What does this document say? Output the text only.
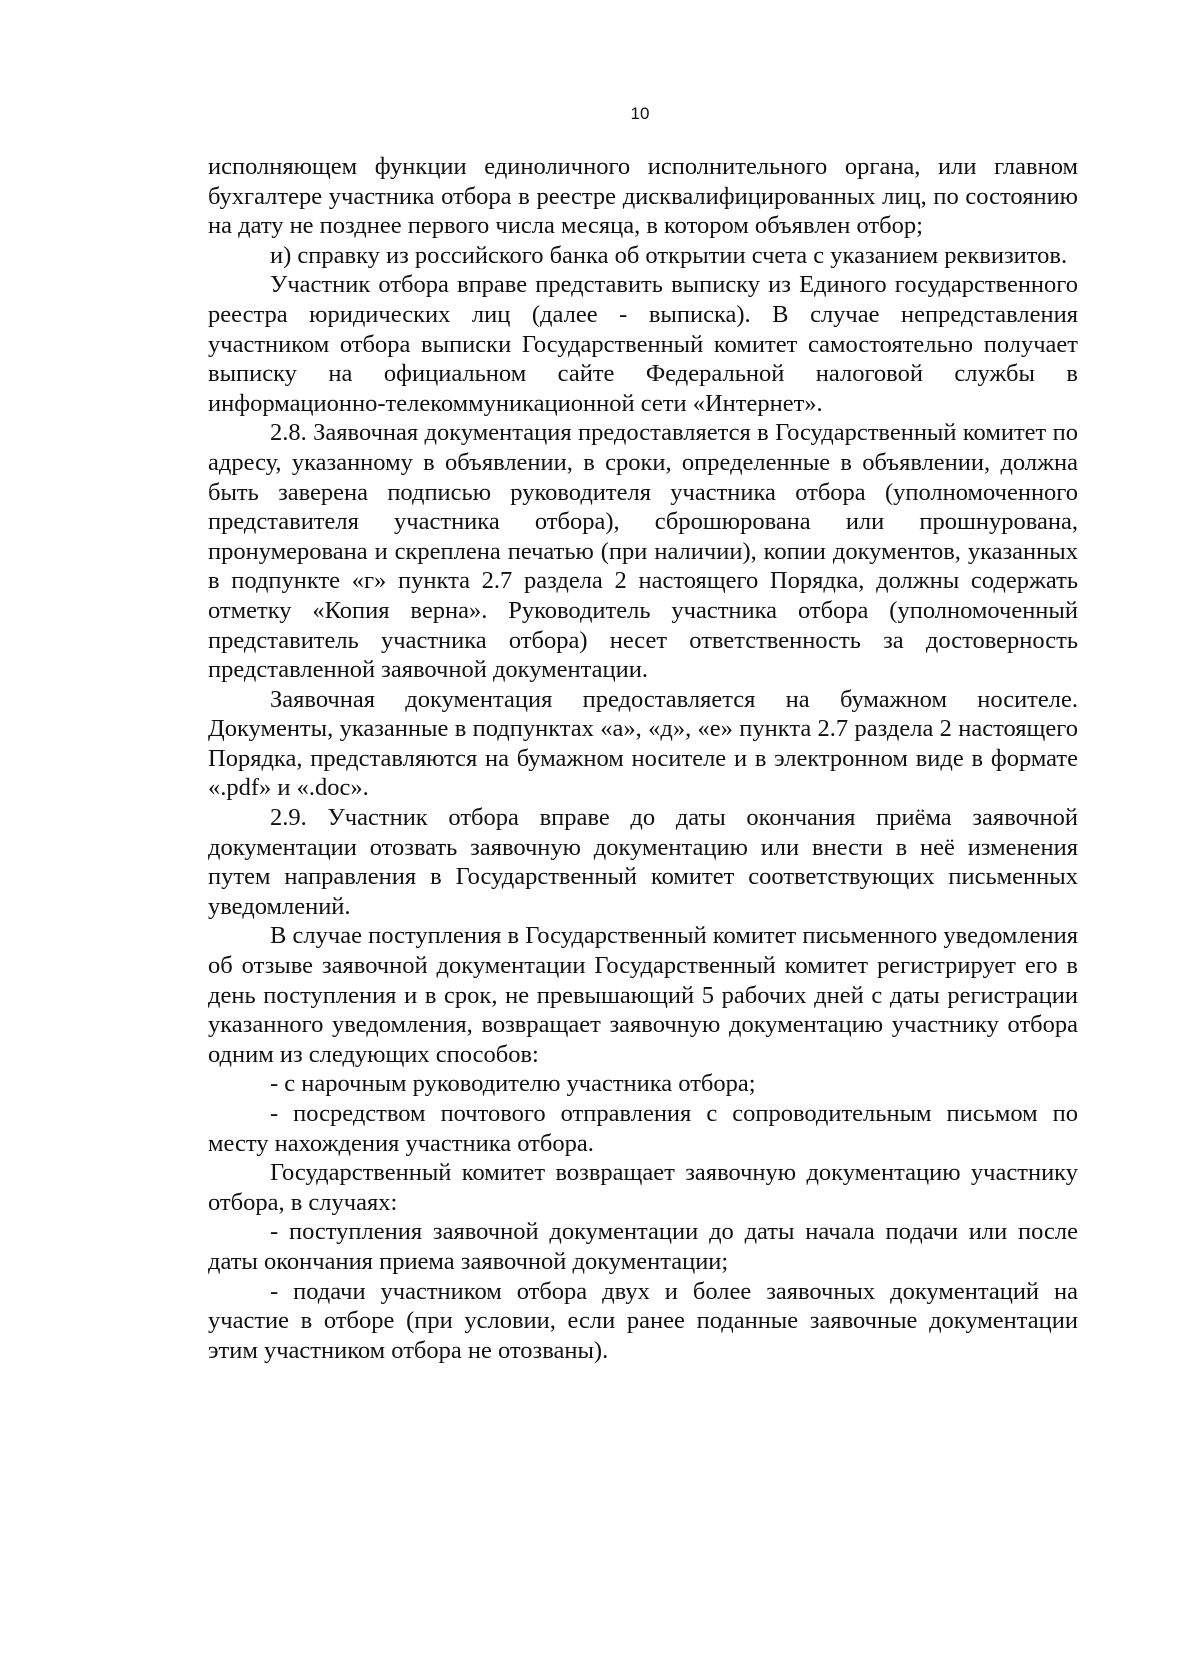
10

исполняющем функции единоличного исполнительного органа, или главном бухгалтере участника отбора в реестре дисквалифицированных лиц, по состоянию на дату не позднее первого числа месяца, в котором объявлен отбор;

и) справку из российского банка об открытии счета с указанием реквизитов.

Участник отбора вправе представить выписку из Единого государственного реестра юридических лиц (далее - выписка). В случае непредставления участником отбора выписки Государственный комитет самостоятельно получает выписку на официальном сайте Федеральной налоговой службы в информационно-телекоммуникационной сети «Интернет».

2.8. Заявочная документация предоставляется в Государственный комитет по адресу, указанному в объявлении, в сроки, определенные в объявлении, должна быть заверена подписью руководителя участника отбора (уполномоченного представителя участника отбора), сброшюрована или прошнурована, пронумерована и скреплена печатью (при наличии), копии документов, указанных в подпункте «г» пункта 2.7 раздела 2 настоящего Порядка, должны содержать отметку «Копия верна». Руководитель участника отбора (уполномоченный представитель участника отбора) несет ответственность за достоверность представленной заявочной документации.

Заявочная документация предоставляется на бумажном носителе. Документы, указанные в подпунктах «а», «д», «е» пункта 2.7 раздела 2 настоящего Порядка, представляются на бумажном носителе и в электронном виде в формате «.pdf» и «.doc».

2.9. Участник отбора вправе до даты окончания приёма заявочной документации отозвать заявочную документацию или внести в неё изменения путем направления в Государственный комитет соответствующих письменных уведомлений.

В случае поступления в Государственный комитет письменного уведомления об отзыве заявочной документации Государственный комитет регистрирует его в день поступления и в срок, не превышающий 5 рабочих дней с даты регистрации указанного уведомления, возвращает заявочную документацию участнику отбора одним из следующих способов:

- с нарочным руководителю участника отбора;

- посредством почтового отправления с сопроводительным письмом по месту нахождения участника отбора.

Государственный комитет возвращает заявочную документацию участнику отбора, в случаях:

- поступления заявочной документации до даты начала подачи или после даты окончания приема заявочной документации;

- подачи участником отбора двух и более заявочных документаций на участие в отборе (при условии, если ранее поданные заявочные документации этим участником отбора не отозваны).
